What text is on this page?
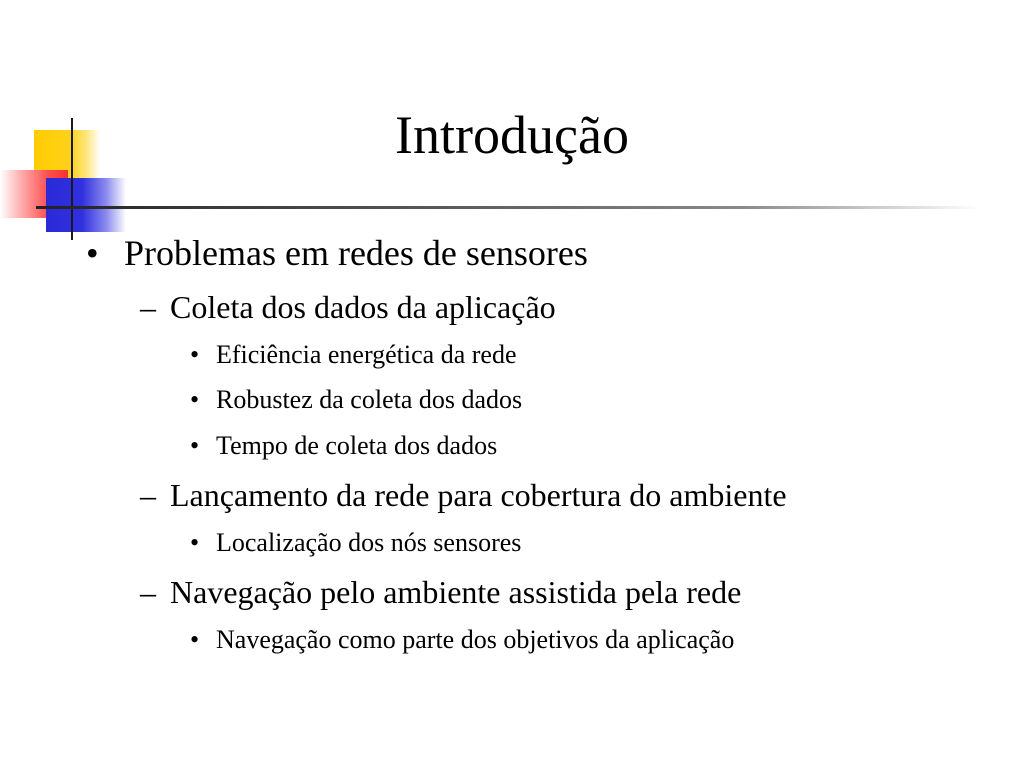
Introdução
• Problemas em redes de sensores
– Coleta dos dados da aplicação
• Eficiência energética da rede
• Robustez da coleta dos dados
• Tempo de coleta dos dados
– Lançamento da rede para cobertura do ambiente
• Localização dos nós sensores
– Navegação pelo ambiente assistida pela rede
• Navegação como parte dos objetivos da aplicação
